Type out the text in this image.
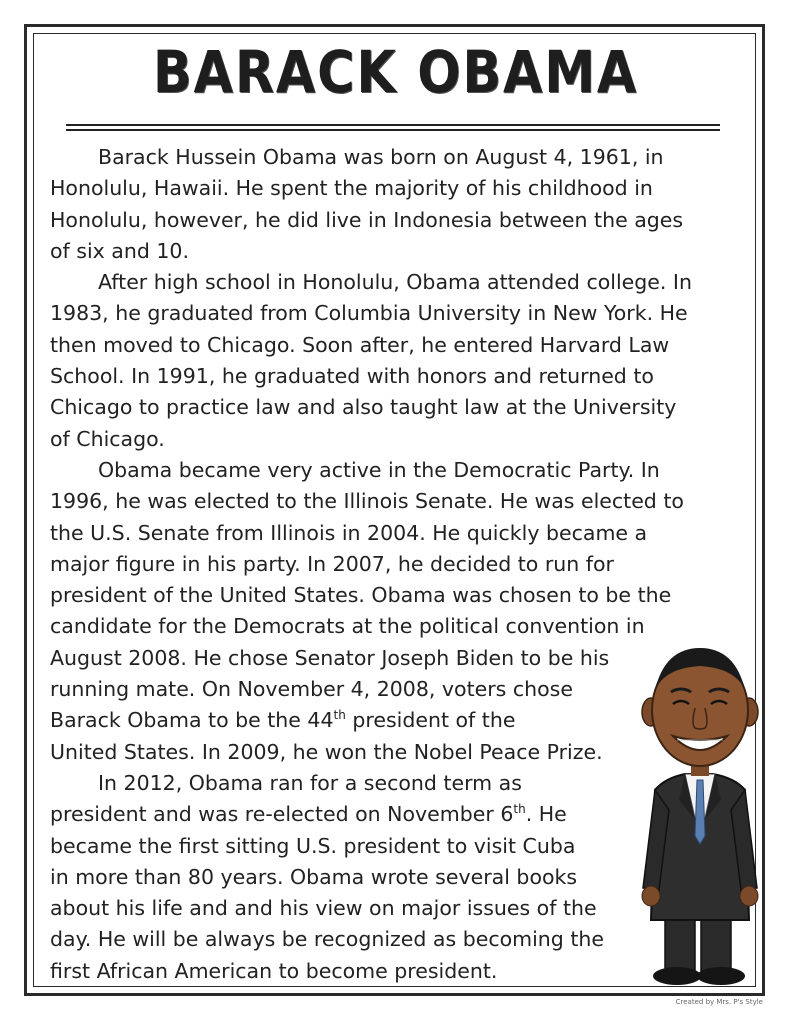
BARACK OBAMA
Barack Hussein Obama was born on August 4, 1961, in
Honolulu, Hawaii. He spent the majority of his childhood in
Honolulu, however, he did live in Indonesia between the ages
of six and 10.
After high school in Honolulu, Obama attended college. In
1983, he graduated from Columbia University in New York. He
then moved to Chicago. Soon after, he entered Harvard Law
School. In 1991, he graduated with honors and returned to
Chicago to practice law and also taught law at the University
of Chicago.
Obama became very active in the Democratic Party. In
1996, he was elected to the Illinois Senate. He was elected to
the U.S. Senate from Illinois in 2004. He quickly became a
major figure in his party. In 2007, he decided to run for
president of the United States. Obama was chosen to be the
candidate for the Democrats at the political convention in
August 2008. He chose Senator Joseph Biden to be his
running mate. On November 4, 2008, voters chose
Barack Obama to be the 44th president of the
United States. In 2009, he won the Nobel Peace Prize.
In 2012, Obama ran for a second term as
president and was re-elected on November 6th. He
became the first sitting U.S. president to visit Cuba
in more than 80 years. Obama wrote several books
about his life and and his view on major issues of the
day. He will be always be recognized as becoming the
first African American to become president.
Created by Mrs. P's Style
